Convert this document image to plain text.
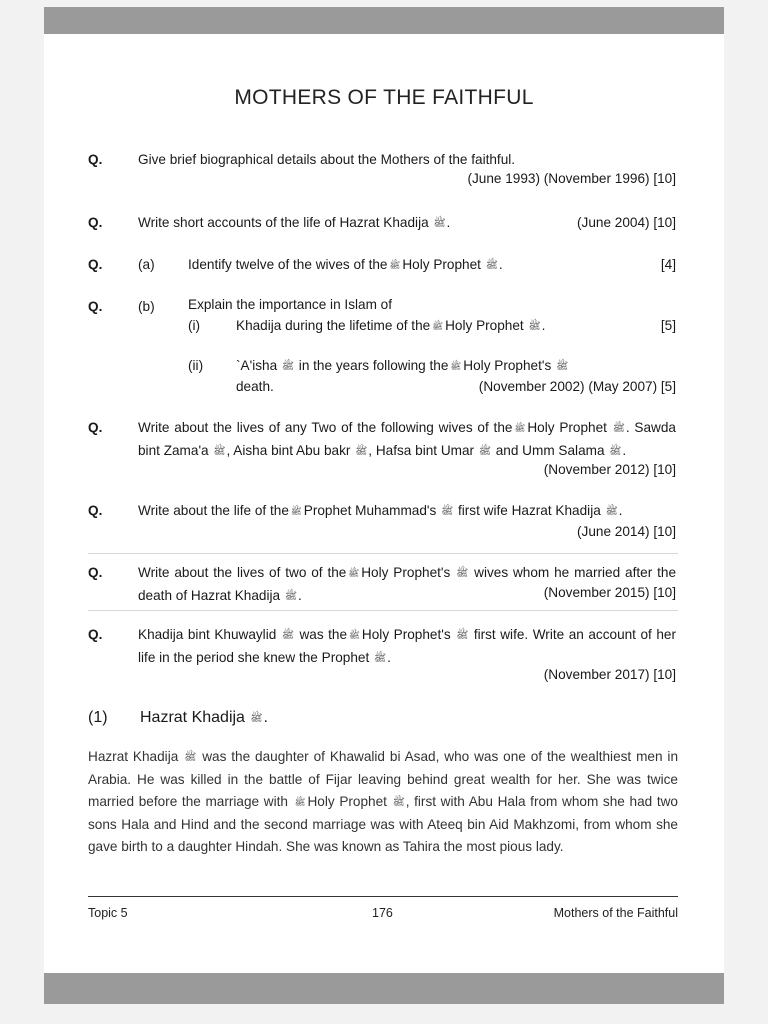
MOTHERS OF THE FAITHFUL
Q.	Give brief biographical details about the Mothers of the faithful.
(June 1993) (November 1996) [10]
Q.	Write short accounts of the life of Hazrat Khadija ﷺ.	(June 2004) [10]
Q.	(a) Identify twelve of the wives of the ﷺ Holy Prophet ﷺ.	[4]
Q.	(b) Explain the importance in Islam of
(i)	Khadija during the lifetime of the ﷺ Holy Prophet ﷺ.	[5]
(ii) `A'isha ﷺ in the years following the ﷺ Holy Prophet's ﷺ
death.	(November 2002) (May 2007) [5]
Q.	Write about the lives of any Two of the following wives of the ﷺ Holy Prophet ﷺ. Sawda bint Zama'a ﷺ, Aisha bint Abu bakr ﷺ, Hafsa bint Umar ﷺ and Umm Salama ﷺ.
(November 2012) [10]
Q.	Write about the life of the ﷺ Prophet Muhammad's ﷺ first wife Hazrat Khadija ﷺ.
(June 2014) [10]
Q.	Write about the lives of two of the ﷺ Holy Prophet's ﷺ wives whom he married after the death of Hazrat Khadija ﷺ.	(November 2015) [10]
Q.	Khadija bint Khuwaylid ﷺ was the ﷺ Holy Prophet's ﷺ first wife. Write an account of her life in the period she knew the Prophet ﷺ.
(November 2017) [10]
(1) Hazrat Khadija ﷺ.
Hazrat Khadija ﷺ was the daughter of Khawalid bi Asad, who was one of the wealthiest men in Arabia. He was killed in the battle of Fijar leaving behind great wealth for her. She was twice married before the marriage with ﷺ Holy Prophet ﷺ, first with Abu Hala from whom she had two sons Hala and Hind and the second marriage was with Ateeq bin Aid Makhzomi, from whom she gave birth to a daughter Hindah. She was known as Tahira the most pious lady.
Topic 5	176	Mothers of the Faithful
